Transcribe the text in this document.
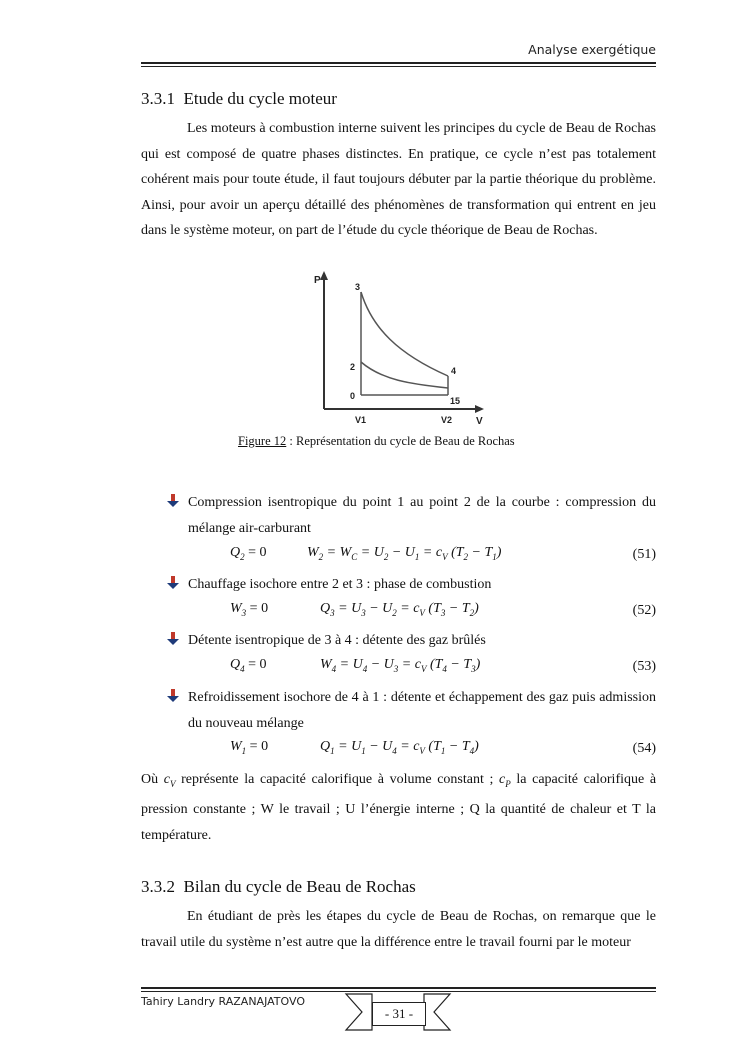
Analyse exergétique
3.3.1 Etude du cycle moteur
Les moteurs à combustion interne suivent les principes du cycle de Beau de Rochas qui est composé de quatre phases distinctes. En pratique, ce cycle n’est pas totalement cohérent mais pour toute étude, il faut toujours débuter par la partie théorique du problème. Ainsi, pour avoir un aperçu détaillé des phénomènes de transformation qui entrent en jeu dans le système moteur, on part de l’étude du cycle théorique de Beau de Rochas.
P
V
3
2	4
0	15
V1	V2
Figure 12 : Représentation du cycle de Beau de Rochas
Compression isentropique du point 1 au point 2 de la courbe : compression du mélange air-carburant
$Q_2 = 0$	$W_2 = W_C = U_2 - U_1 = c_V$ $(T_2 - T_1)$	(51)
Chauffage isochore entre 2 et 3 : phase de combustion
$W_3 = 0$	$Q_3 = U_3 - U_2 = c_V$ $(T_3 - T_2)$	(52)
Détente isentropique de 3 à 4 : détente des gaz brûlés
$Q_4 = 0$	$W_4 = U_4 - U_3 = c_V$ $(T_4 - T_3)$	(53)
Refroidissement isochore de 4 à 1 : détente et échappement des gaz puis admission du nouveau mélange
$W_1 = 0$	$Q_1 = U_1 - U_4 = c_V$ $(T_1 - T_4)$	(54)
Où $c_V$ représente la capacité calorifique à volume constant ; $c_P$ la capacité calorifique à pression constante ; W le travail ; U l’énergie interne ; Q la quantité de chaleur et T la température.
3.3.2 Bilan du cycle de Beau de Rochas
En étudiant de près les étapes du cycle de Beau de Rochas, on remarque que le travail utile du système n’est autre que la différence entre le travail fourni par le moteur
Tahiry Landry RAZANAJATOVO
- 31 -
